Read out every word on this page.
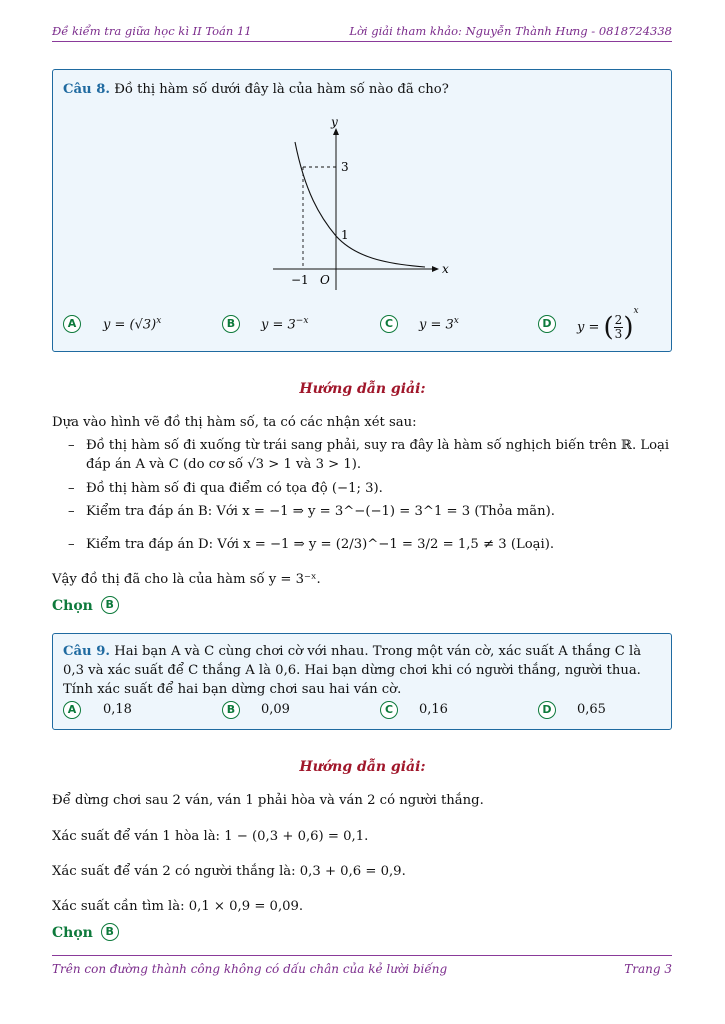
Đề kiểm tra giữa học kì II Toán 11	Lời giải tham khảo: Nguyễn Thành Hưng - 0818724338
Câu 8. Đồ thị hàm số dưới đây là của hàm số nào đã cho?
3
1
−1 O
x
y
A	$y = (√3)^x$	B	$y = 3^{-x}$	C	$y = 3^x$	D	y = ( $\frac{2}{3} )^x$
Hướng dẫn giải:
Dựa vào hình vẽ đồ thị hàm số, ta có các nhận xét sau:
– Đồ thị hàm số đi xuống từ trái sang phải, suy ra đây là hàm số nghịch biến trên ℝ. Loại đáp án A và C (do cơ số √3 > 1 và 3 > 1).
– Đồ thị hàm số đi qua điểm có tọa độ (−1; 3).
– Kiểm tra đáp án B: Với x = −1 ⇒ y = 3^−(−1) = 3^1 = 3 (Thỏa mãn).
– Kiểm tra đáp án D: Với x = −1 ⇒ y = (2/3)^−1 = 3/2 = 1,5 ≠ 3 (Loại).
Vậy đồ thị đã cho là của hàm số y = 3⁻ˣ.
Chọn B
Câu 9. Hai bạn A và C cùng chơi cờ với nhau. Trong một ván cờ, xác suất A thắng C là 0,3 và xác suất để C thắng A là 0,6. Hai bạn dừng chơi khi có người thắng, người thua. Tính xác suất để hai bạn dừng chơi sau hai ván cờ.
A	0,18	B	0,09	C	0,16	D	0,65
Hướng dẫn giải:
Để dừng chơi sau 2 ván, ván 1 phải hòa và ván 2 có người thắng.
Xác suất để ván 1 hòa là: 1 − (0,3 + 0,6) = 0,1.
Xác suất để ván 2 có người thắng là: 0,3 + 0,6 = 0,9.
Xác suất cần tìm là: 0,1 × 0,9 = 0,09.
Chọn B
Trên con đường thành công không có dấu chân của kẻ lười biếng	Trang 3
